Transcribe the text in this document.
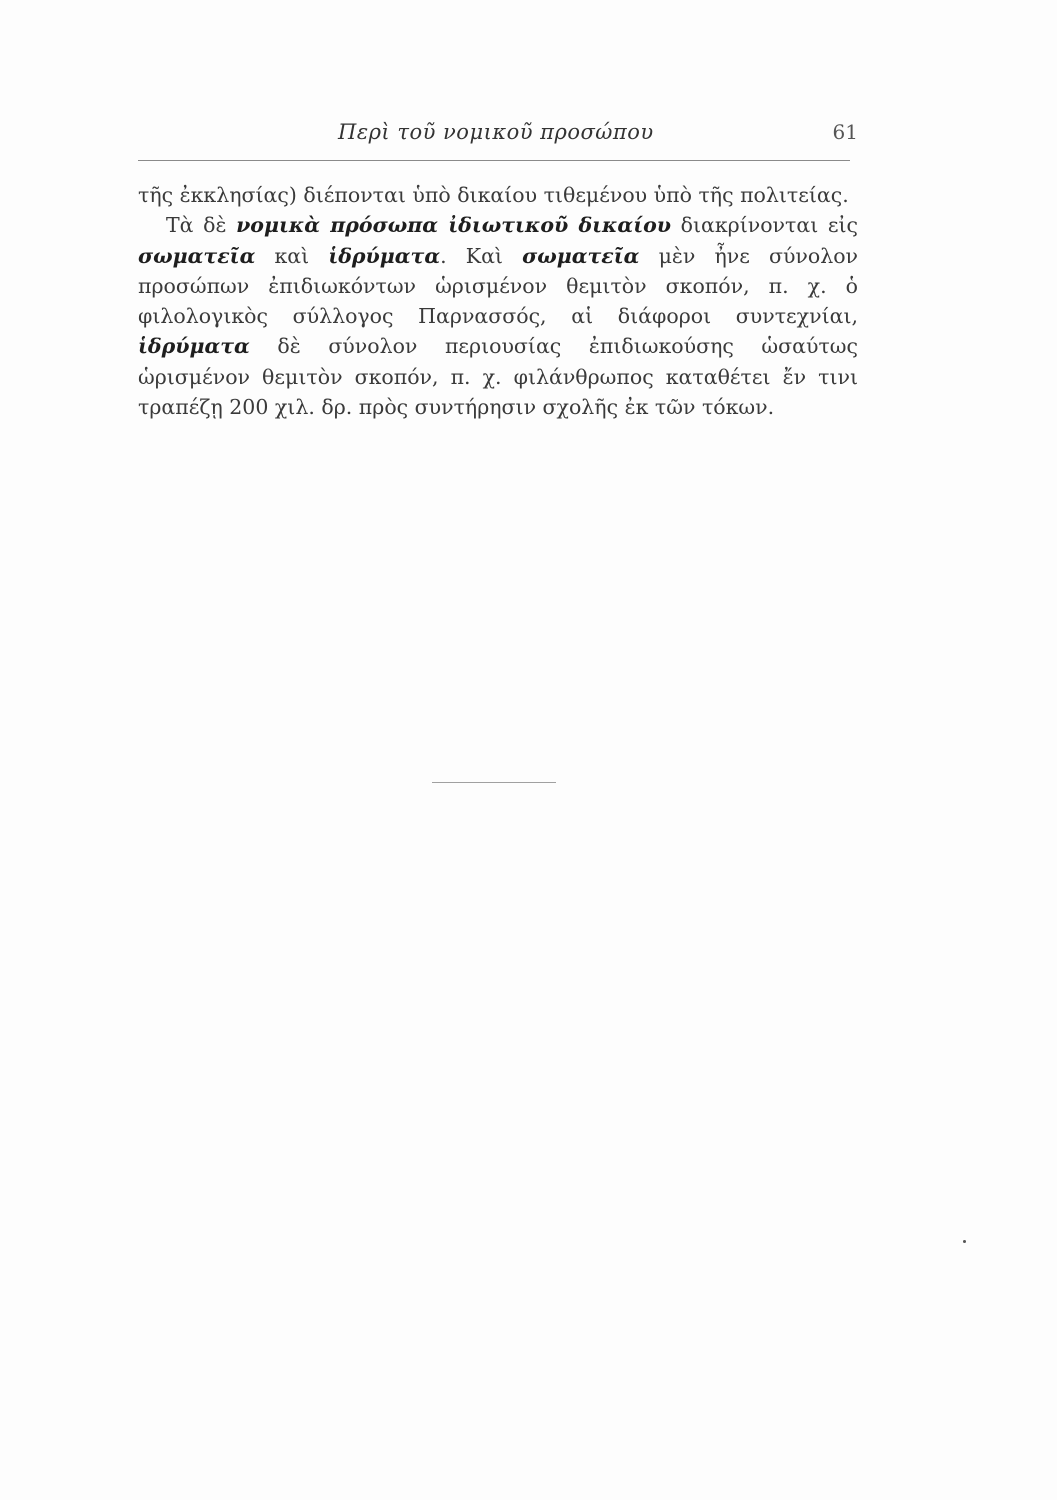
Περὶ τοῦ νομικοῦ προσώπου	61

τῆς ἐκκλησίας) διέπονται ὑπὸ δικαίου τιθεμένου ὑπὸ τῆς πολιτείας.

Τὰ δὲ νομικὰ πρόσωπα ἰδιωτικοῦ δικαίου διακρίνονται εἰς σωματεῖα καὶ ἱδρύματα. Καὶ σωματεῖα μὲν ἦνε σύνολον προσώπων ἐπιδιωκόντων ὡρισμένον θεμιτὸν σκοπόν, π. χ. ὁ φιλολογικὸς σύλλογος Παρνασσός, αἱ διάφοροι συντεχνίαι, ἱδρύματα δὲ σύνολον περιουσίας ἐπιδιωκούσης ὡσαύτως ὡρισμένον θεμιτὸν σκοπόν, π. χ. φιλάνθρωπος καταθέτει ἔν τινι τραπέζῃ 200 χιλ. δρ. πρὸς συντήρησιν σχολῆς ἐκ τῶν τόκων.
